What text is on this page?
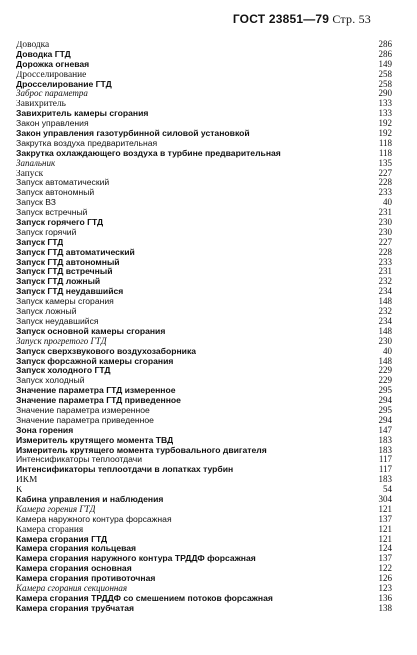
ГОСТ 23851—79 Стр. 53
Доводка	286
Доводка ГТД	286
Дорожка огневая	149
Дросселирование	258
Дросселирование ГТД	258
Заброс параметра	290
Завихритель	133
Завихритель камеры сгорания	133
Закон управления	192
Закон управления газотурбинной силовой установкой	192
Закрутка воздуха предварительная	118
Закрутка охлаждающего воздуха в турбине предварительная	118
Запальник	135
Запуск	227
Запуск автоматический	228
Запуск автономный	233
Запуск ВЗ	40
Запуск встречный	231
Запуск горячего ГТД	230
Запуск горячий	230
Запуск ГТД	227
Запуск ГТД автоматический	228
Запуск ГТД автономный	233
Запуск ГТД встречный	231
Запуск ГТД ложный	232
Запуск ГТД неудавшийся	234
Запуск камеры сгорания	148
Запуск ложный	232
Запуск неудавшийся	234
Запуск основной камеры сгорания	148
Запуск прогретого ГТД	230
Запуск сверхзвукового воздухозаборника	40
Запуск форсажной камеры сгорания	148
Запуск холодного ГТД	229
Запуск холодный	229
Значение параметра ГТД измеренное	295
Значение параметра ГТД приведенное	294
Значение параметра измеренное	295
Значение параметра приведенное	294
Зона горения	147
Измеритель крутящего момента ТВД	183
Измеритель крутящего момента турбовального двигателя	183
Интенсификаторы теплоотдачи	117
Интенсификаторы теплоотдачи в лопатках турбин	117
ИКМ	183
К	54
Кабина управления и наблюдения	304
Камера горения ГТД	121
Камера наружного контура форсажная	137
Камера сгорания	121
Камера сгорания ГТД	121
Камера сгорания кольцевая	124
Камера сгорания наружного контура ТРДДФ форсажная	137
Камера сгорания основная	122
Камера сгорания противоточная	126
Камера сгорания секционная	123
Камера сгорания ТРДДФ со смешением потоков форсажная	136
Камера сгорания трубчатая	138
